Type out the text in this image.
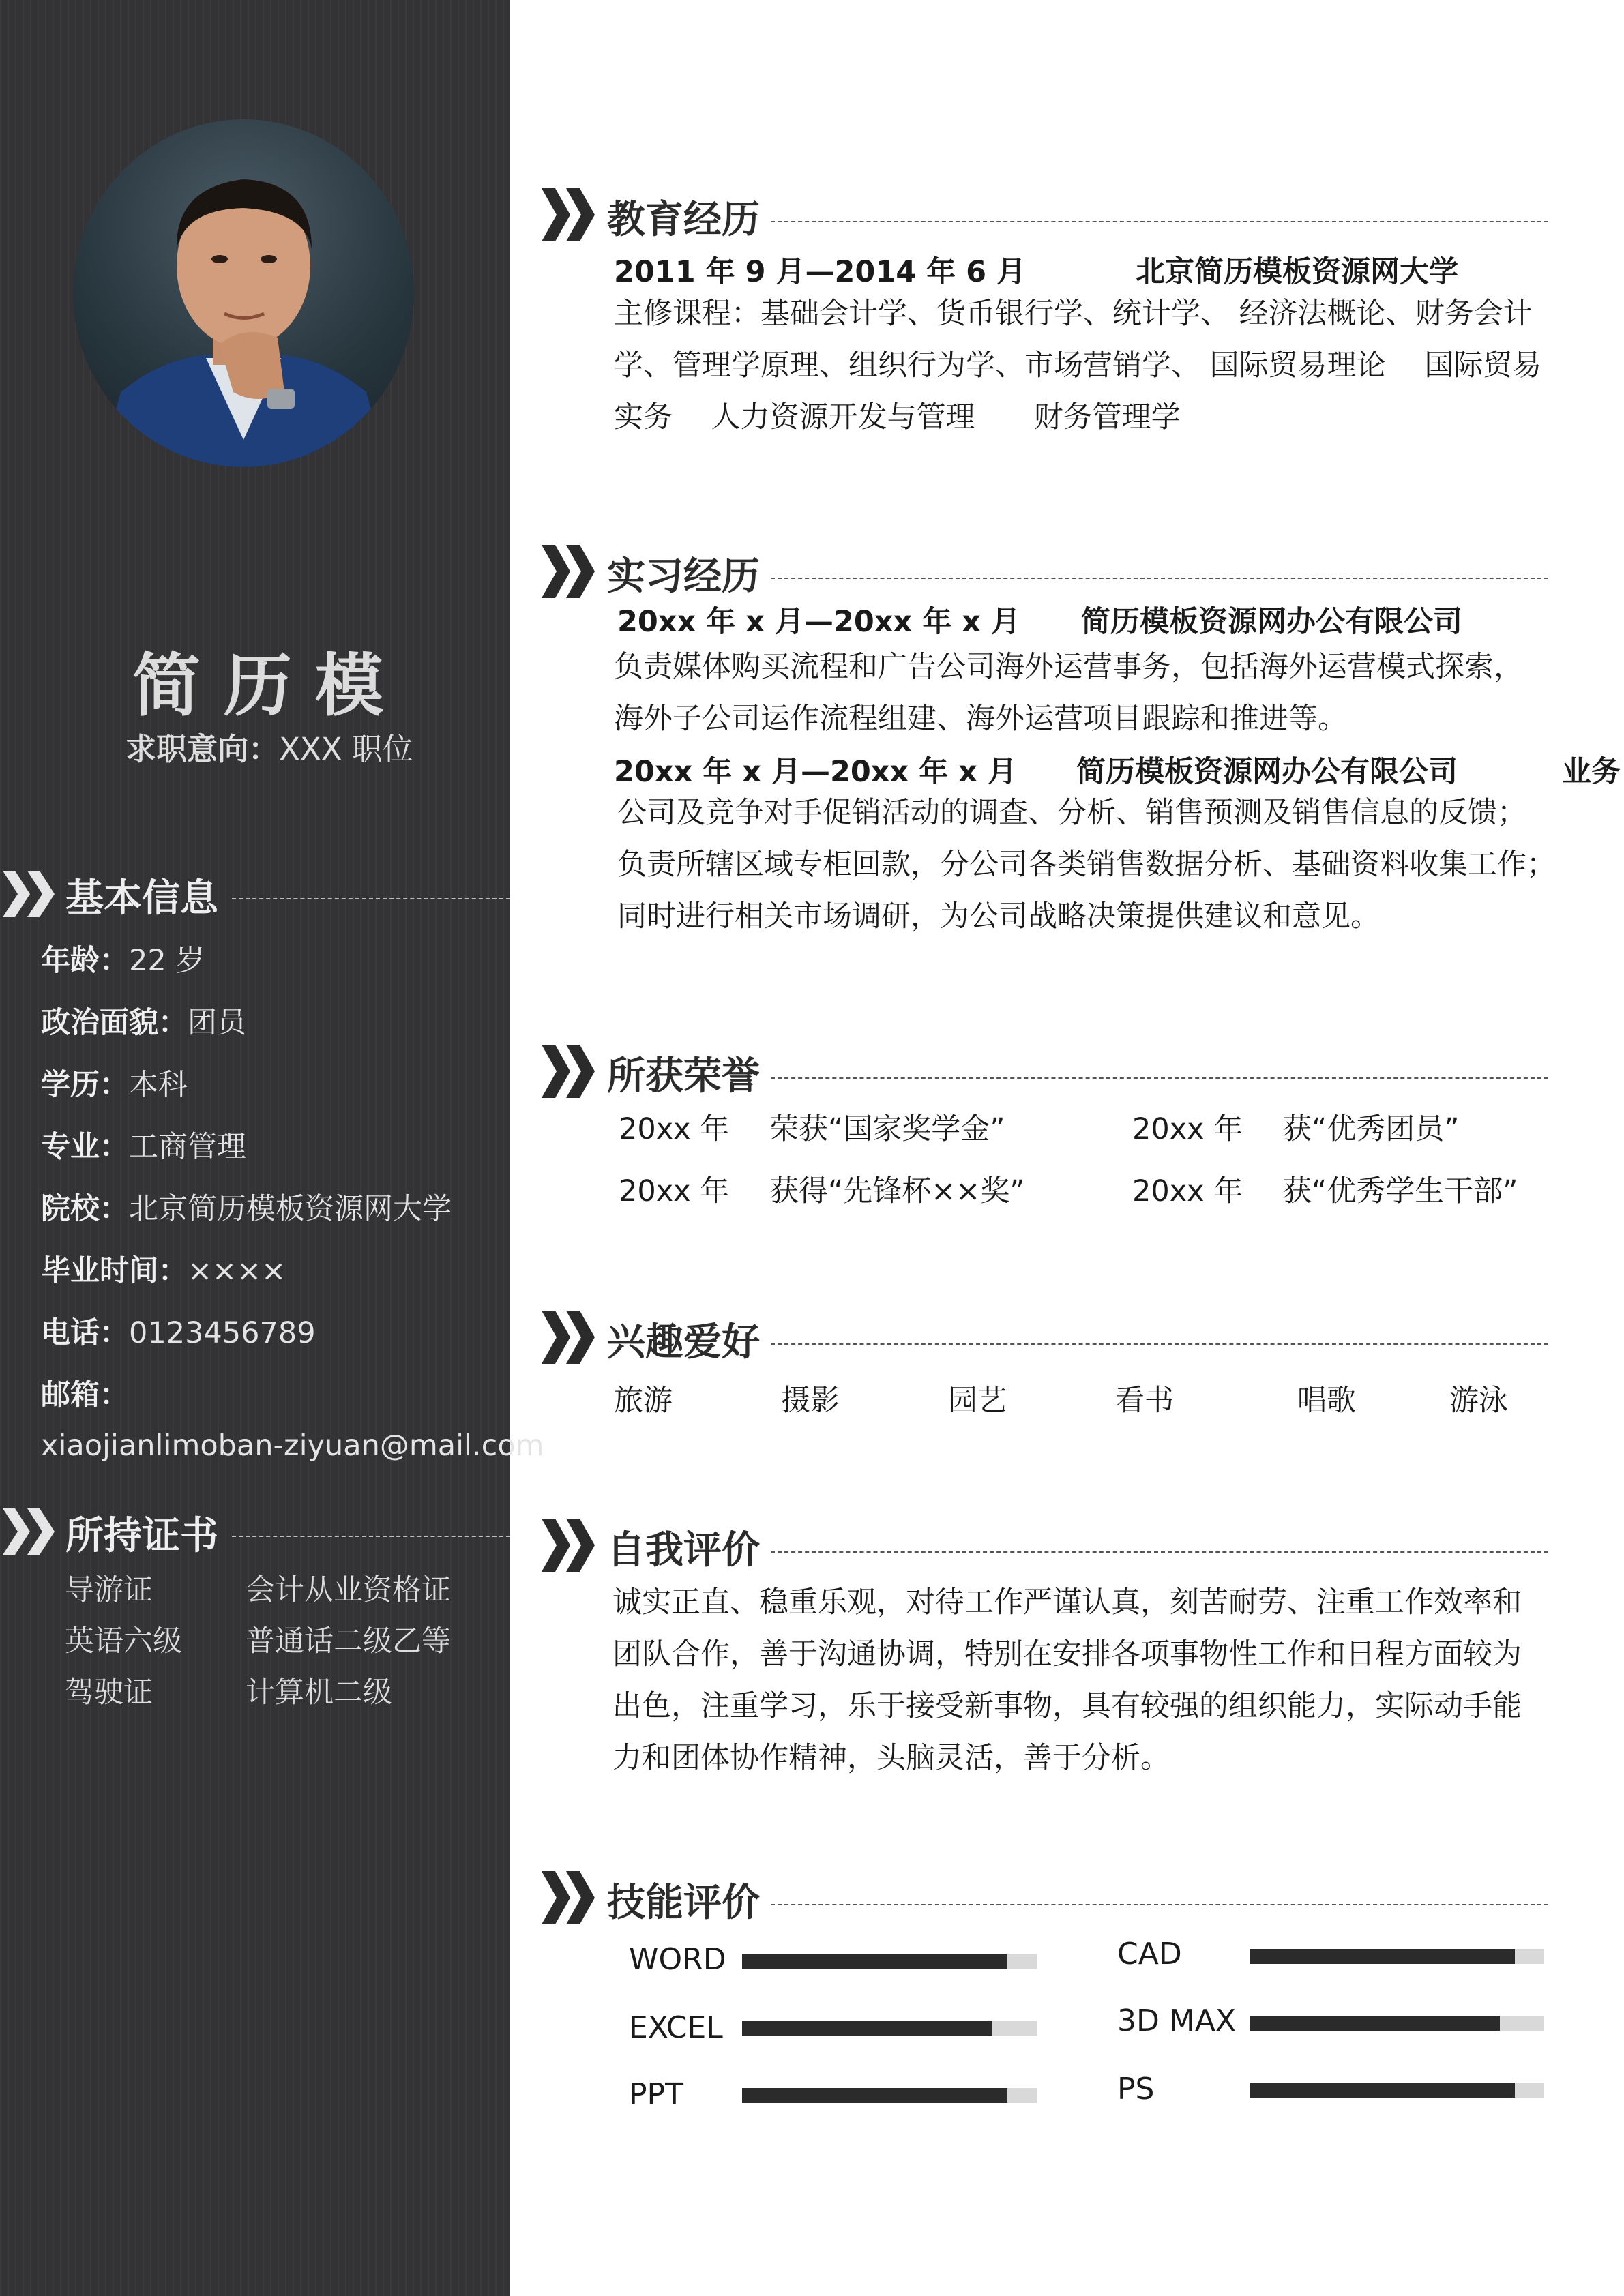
简历模
求职意向：XXX 职位
基本信息
年龄：22 岁
政治面貌：团员
学历：本科
专业：工商管理
院校：北京简历模板资源网大学
毕业时间：××××
电话：0123456789
邮箱：
xiaojianlimoban-ziyuan@mail.com
所持证书
导游证	会计从业资格证
英语六级 普通话二级乙等
驾驶证	计算机二级
教育经历
2011 年 9 月—2014 年 6 月	北京简历模板资源网大学
主修课程：基础会计学、货币银行学、统计学、 经济法概论、财务会计
学、管理学原理、组织行为学、市场营销学、 国际贸易理论　 国际贸易
实务　 人力资源开发与管理　　财务管理学
实习经历
20xx 年 x 月—20xx 年 x 月 简历模板资源网办公有限公司
负责媒体购买流程和广告公司海外运营事务，包括海外运营模式探索，
海外子公司运作流程组建、海外运营项目跟踪和推进等。
20xx 年 x 月—20xx 年 x 月 简历模板资源网办公有限公司	业务
公司及竞争对手促销活动的调查、分析、销售预测及销售信息的反馈；
负责所辖区域专柜回款，分公司各类销售数据分析、基础资料收集工作；
同时进行相关市场调研，为公司战略决策提供建议和意见。
所获荣誉
20xx 年 荣获“国家奖学金”	20xx 年 获“优秀团员”
20xx 年 获得“先锋杯××奖”	20xx 年 获“优秀学生干部”
兴趣爱好
旅游	摄影	园艺	看书	唱歌	游泳
自我评价
诚实正直、稳重乐观，对待工作严谨认真，刻苦耐劳、注重工作效率和
团队合作，善于沟通协调，特别在安排各项事物性工作和日程方面较为
出色，注重学习，乐于接受新事物，具有较强的组织能力，实际动手能
力和团体协作精神，头脑灵活，善于分析。
技能评价
WORD	CAD
EXCEL	3D MAX
PPT	PS
